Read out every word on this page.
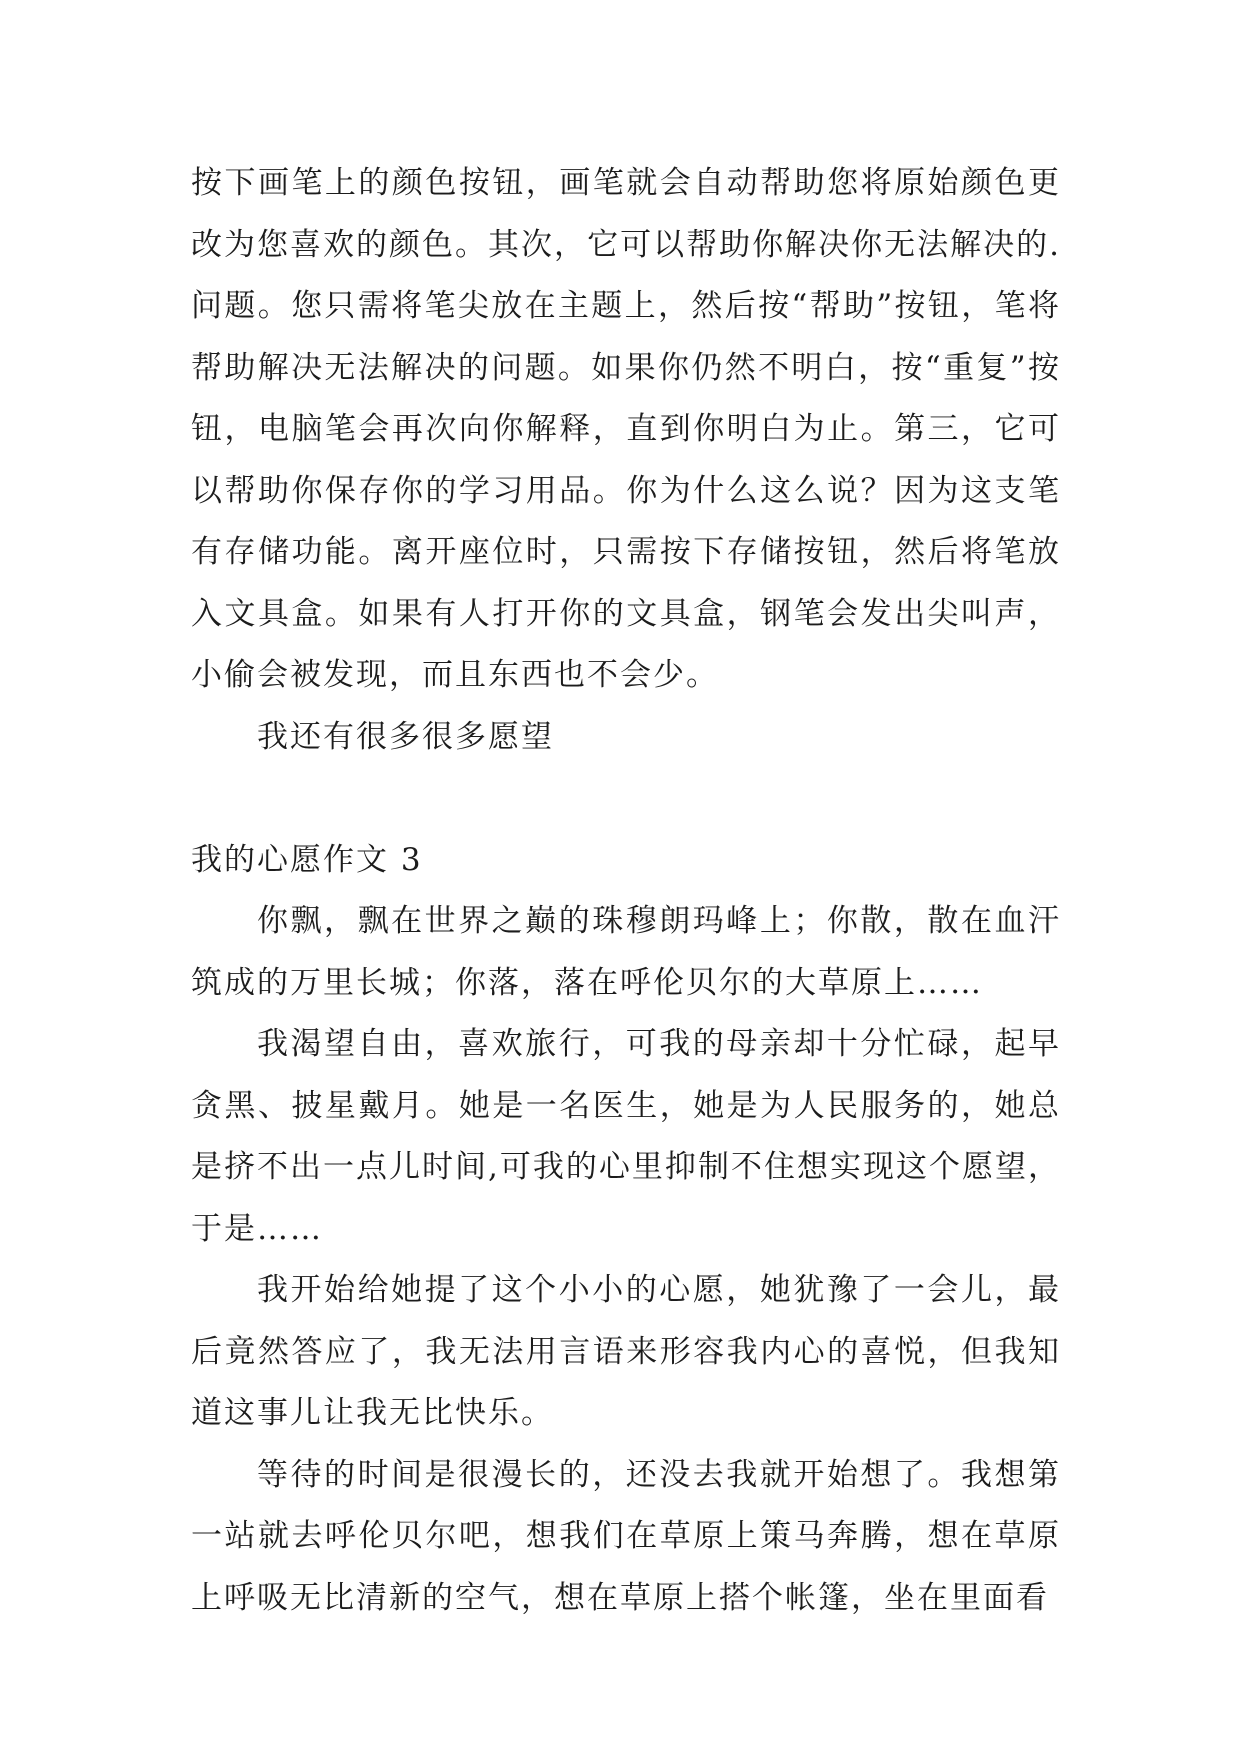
按下画笔上的颜色按钮，画笔就会自动帮助您将原始颜色更改为您喜欢的颜色。其次，它可以帮助你解决你无法解决的.问题。您只需将笔尖放在主题上，然后按“帮助”按钮，笔将帮助解决无法解决的问题。如果你仍然不明白，按“重复”按钮，电脑笔会再次向你解释，直到你明白为止。第三，它可以帮助你保存你的学习用品。你为什么这么说？因为这支笔有存储功能。离开座位时，只需按下存储按钮，然后将笔放入文具盒。如果有人打开你的文具盒，钢笔会发出尖叫声，小偷会被发现，而且东西也不会少。

我还有很多很多愿望

我的心愿作文 3

你飘，飘在世界之巅的珠穆朗玛峰上；你散，散在血汗筑成的万里长城；你落，落在呼伦贝尔的大草原上……

我渴望自由，喜欢旅行，可我的母亲却十分忙碌，起早贪黑、披星戴月。她是一名医生，她是为人民服务的，她总是挤不出一点儿时间,可我的心里抑制不住想实现这个愿望，于是……

我开始给她提了这个小小的心愿，她犹豫了一会儿，最后竟然答应了，我无法用言语来形容我内心的喜悦，但我知道这事儿让我无比快乐。

等待的时间是很漫长的，还没去我就开始想了。我想第一站就去呼伦贝尔吧，想我们在草原上策马奔腾，想在草原上呼吸无比清新的空气，想在草原上搭个帐篷，坐在里面看
